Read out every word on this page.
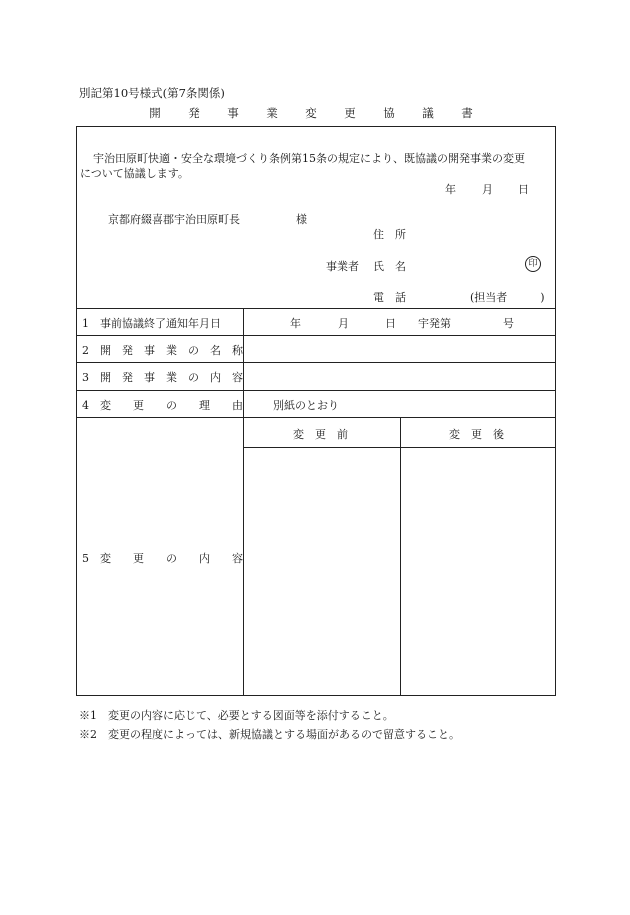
別記第10号様式(第7条関係)
開　発　事　業　変　更　協　議　書
宇治田原町快適・安全な環境づくり条例第15条の規定により、既協議の開発事業の変更
について協議します。
年 月 日
京都府綴喜郡宇治田原町長	様
住　所
事業者 氏　名	印
電　話	(担当者　　　)
1　事前協議終了通知年月日	年	月	日 宇発第	号
2　開　発　事　業　の　名　称
3　開　発　事　業　の　内　容
4　変　　更　　の　　理　　由	別紙のとおり
変　更　前	変　更　後
5　変　　更　　の　　内　　容
※1　変更の内容に応じて、必要とする図面等を添付すること。
※2　変更の程度によっては、新規協議とする場面があるので留意すること。
